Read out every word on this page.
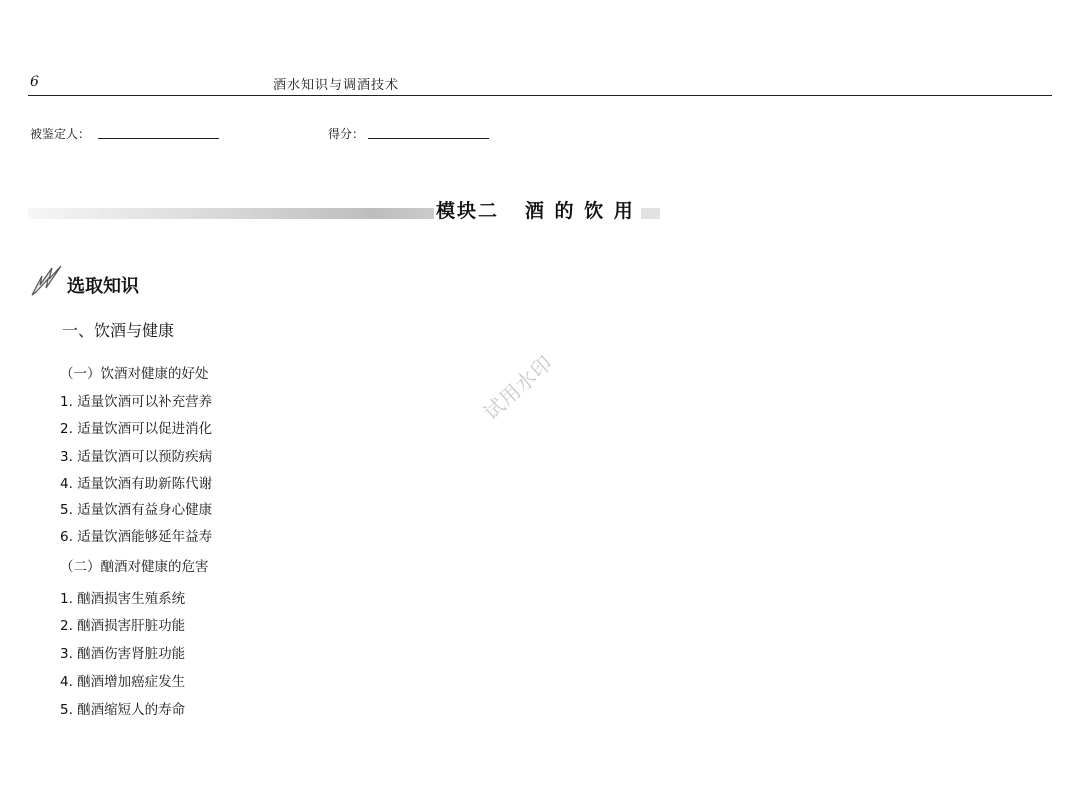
6	酒水知识与调酒技术
被鉴定人：	得分：
模块二   酒 的 饮 用
选取知识
一、饮酒与健康
（一）饮酒对健康的好处
1. 适量饮酒可以补充营养
2. 适量饮酒可以促进消化
3. 适量饮酒可以预防疾病
4. 适量饮酒有助新陈代谢
5. 适量饮酒有益身心健康
6. 适量饮酒能够延年益寿
（二）酗酒对健康的危害
1. 酗酒损害生殖系统
2. 酗酒损害肝脏功能
3. 酗酒伤害肾脏功能
4. 酗酒增加癌症发生
5. 酗酒缩短人的寿命
试用水印
